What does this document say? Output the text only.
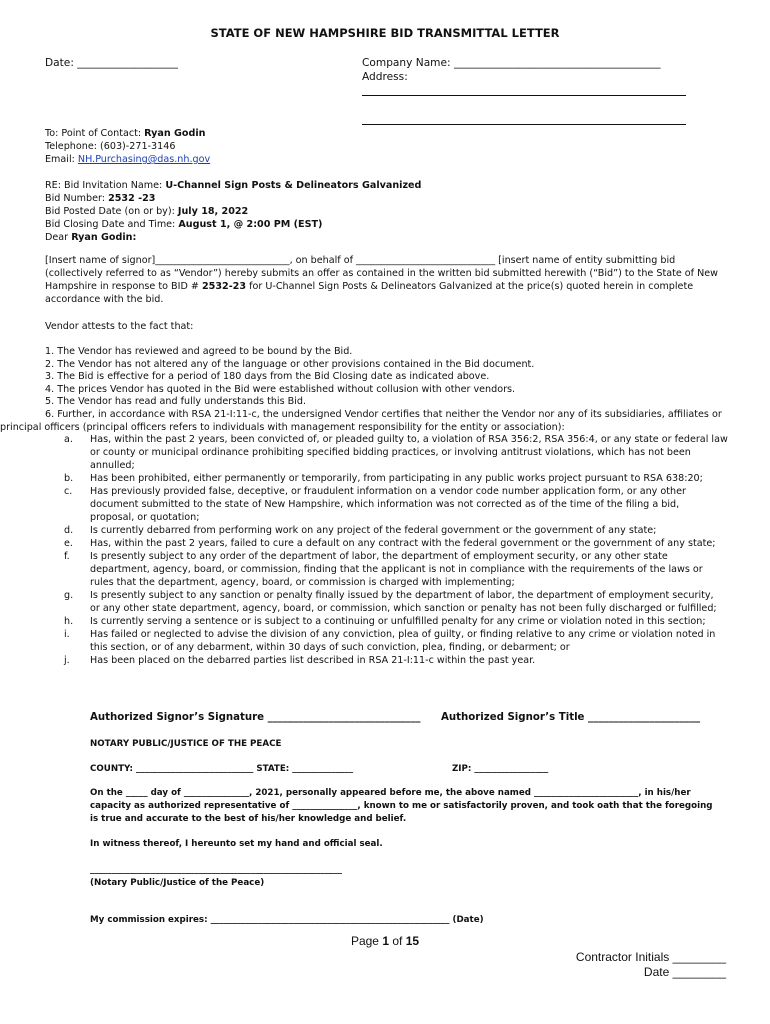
STATE OF NEW HAMPSHIRE BID TRANSMITTAL LETTER
Date: ___________________	Company Name: _______________________________________
Address:
To: Point of Contact: Ryan Godin
Telephone: (603)-271-3146
Email: NH.Purchasing@das.nh.gov
RE: Bid Invitation Name: U-Channel Sign Posts & Delineators Galvanized
Bid Number: 2532 -23
Bid Posted Date (on or by): July 18, 2022
Bid Closing Date and Time: August 1, @ 2:00 PM (EST)
Dear Ryan Godin:
[Insert name of signor]____________________________, on behalf of _____________________________ [insert name of entity submitting bid
(collectively referred to as “Vendor”) hereby submits an offer as contained in the written bid submitted herewith (“Bid”) to the State of New
Hampshire in response to BID # 2532-23 for U-Channel Sign Posts & Delineators Galvanized at the price(s) quoted herein in complete
accordance with the bid.
Vendor attests to the fact that:
1. The Vendor has reviewed and agreed to be bound by the Bid.
2. The Vendor has not altered any of the language or other provisions contained in the Bid document.
3. The Bid is effective for a period of 180 days from the Bid Closing date as indicated above.
4. The prices Vendor has quoted in the Bid were established without collusion with other vendors.
5. The Vendor has read and fully understands this Bid.
6. Further, in accordance with RSA 21-I:11-c, the undersigned Vendor certifies that neither the Vendor nor any of its subsidiaries, affiliates or
principal officers (principal officers refers to individuals with management responsibility for the entity or association):
a.	Has, within the past 2 years, been convicted of, or pleaded guilty to, a violation of RSA 356:2, RSA 356:4, or any state or federal law
or county or municipal ordinance prohibiting specified bidding practices, or involving antitrust violations, which has not been
annulled;
b.	Has been prohibited, either permanently or temporarily, from participating in any public works project pursuant to RSA 638:20;
c.	Has previously provided false, deceptive, or fraudulent information on a vendor code number application form, or any other
document submitted to the state of New Hampshire, which information was not corrected as of the time of the filing a bid,
proposal, or quotation;
d.	Is currently debarred from performing work on any project of the federal government or the government of any state;
e.	Has, within the past 2 years, failed to cure a default on any contract with the federal government or the government of any state;
f.	Is presently subject to any order of the department of labor, the department of employment security, or any other state
department, agency, board, or commission, finding that the applicant is not in compliance with the requirements of the laws or
rules that the department, agency, board, or commission is charged with implementing;
g.	Is presently subject to any sanction or penalty finally issued by the department of labor, the department of employment security,
or any other state department, agency, board, or commission, which sanction or penalty has not been fully discharged or fulfilled;
h.	Is currently serving a sentence or is subject to a continuing or unfulfilled penalty for any crime or violation noted in this section;
i.	Has failed or neglected to advise the division of any conviction, plea of guilty, or finding relative to any crime or violation noted in
this section, or of any debarment, within 30 days of such conviction, plea, finding, or debarment; or
j.	Has been placed on the debarred parties list described in RSA 21-I:11-c within the past year.
Authorized Signor’s Signature ______________________________ Authorized Signor’s Title ______________________
NOTARY PUBLIC/JUSTICE OF THE PEACE
COUNTY: ___________________________ STATE: ______________	ZIP: _________________
On the _____ day of _______________, 2021, personally appeared before me, the above named ________________________, in his/her
capacity as authorized representative of _______________, known to me or satisfactorily proven, and took oath that the foregoing
is true and accurate to the best of his/her knowledge and belief.
In witness thereof, I hereunto set my hand and official seal.
__________________________________________________________
(Notary Public/Justice of the Peace)
My commission expires: _______________________________________________________ (Date)
Page 1 of 15
Contractor Initials ________
Date ________
